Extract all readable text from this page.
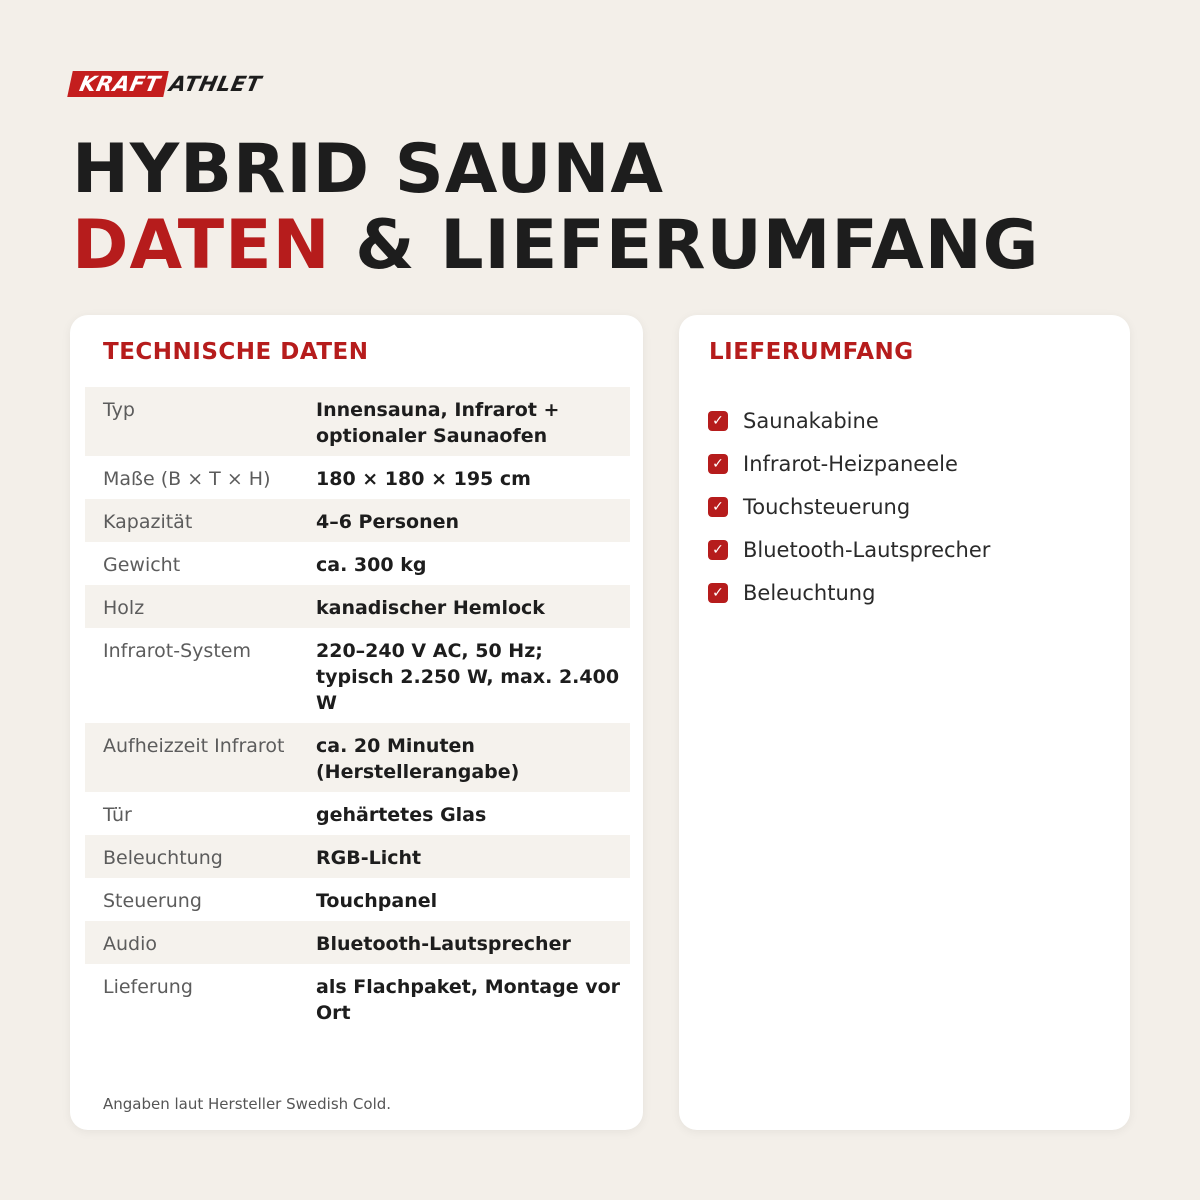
KRAFT ATHLET
HYBRID SAUNA
DATEN & LIEFERUMFANG
TECHNISCHE DATEN
Typ	Innensauna, Infrarot + optionaler Saunaofen
Maße (B × T × H)	180 × 180 × 195 cm
Kapazität	4–6 Personen
Gewicht	ca. 300 kg
Holz	kanadischer Hemlock
Infrarot-System	220–240 V AC, 50 Hz; typisch 2.250 W, max. 2.400 W
Aufheizzeit Infrarot	ca. 20 Minuten (Herstellerangabe)
Tür	gehärtetes Glas
Beleuchtung	RGB-Licht
Steuerung	Touchpanel
Audio	Bluetooth-Lautsprecher
Lieferung	als Flachpaket, Montage vor Ort
Angaben laut Hersteller Swedish Cold.
LIEFERUMFANG
✓ Saunakabine
✓ Infrarot-Heizpaneele
✓ Touchsteuerung
✓ Bluetooth-Lautsprecher
✓ Beleuchtung
